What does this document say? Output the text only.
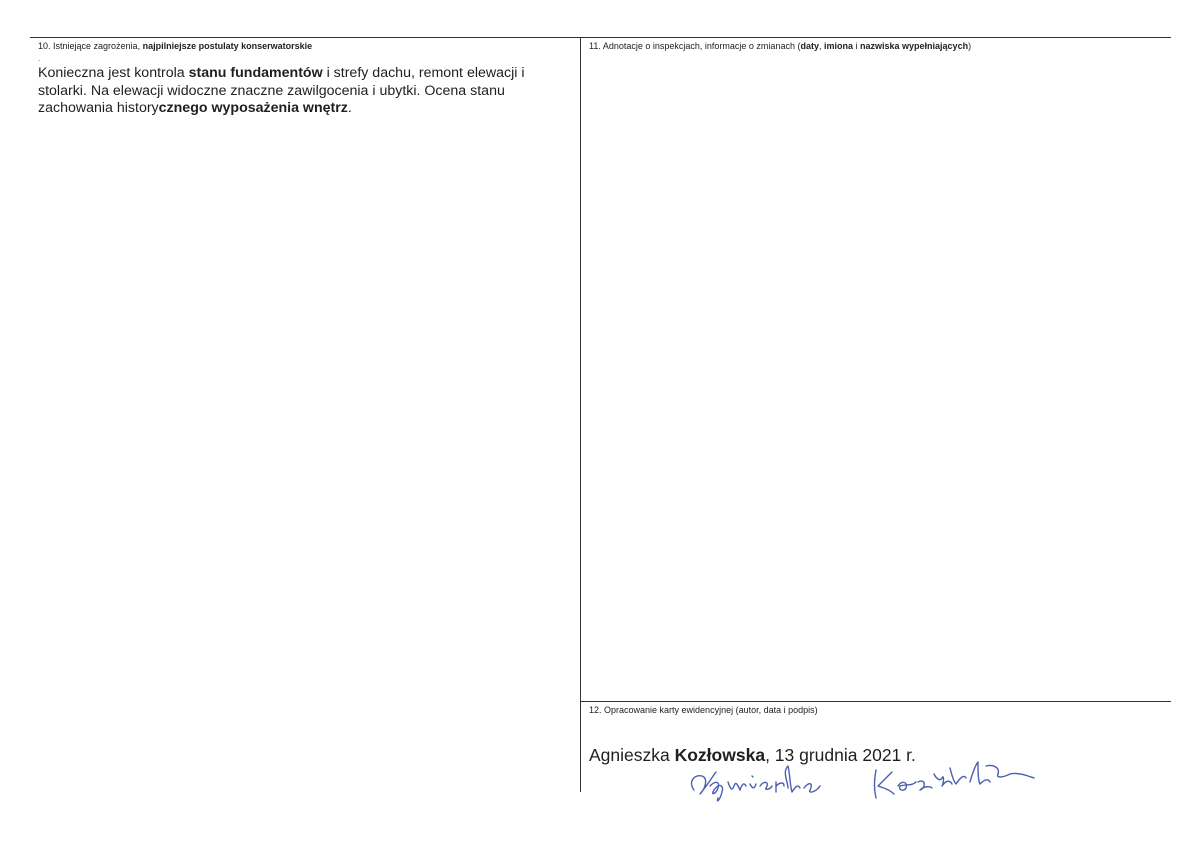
10. Istniejące zagrożenia, najpilniejsze postulaty konserwatorskie
.
Konieczna jest kontrola stanu fundamentów i strefy dachu, remont elewacji i stolarki. Na elewacji widoczne znaczne zawilgocenia i ubytki. Ocena stanu zachowania historycznego wyposażenia wnętrz.
11. Adnotacje o inspekcjach, informacje o zmianach (daty, imiona i nazwiska wypełniających)
12. Opracowanie karty ewidencyjnej (autor, data i podpis)
Agnieszka Kozłowska, 13 grudnia 2021 r.
